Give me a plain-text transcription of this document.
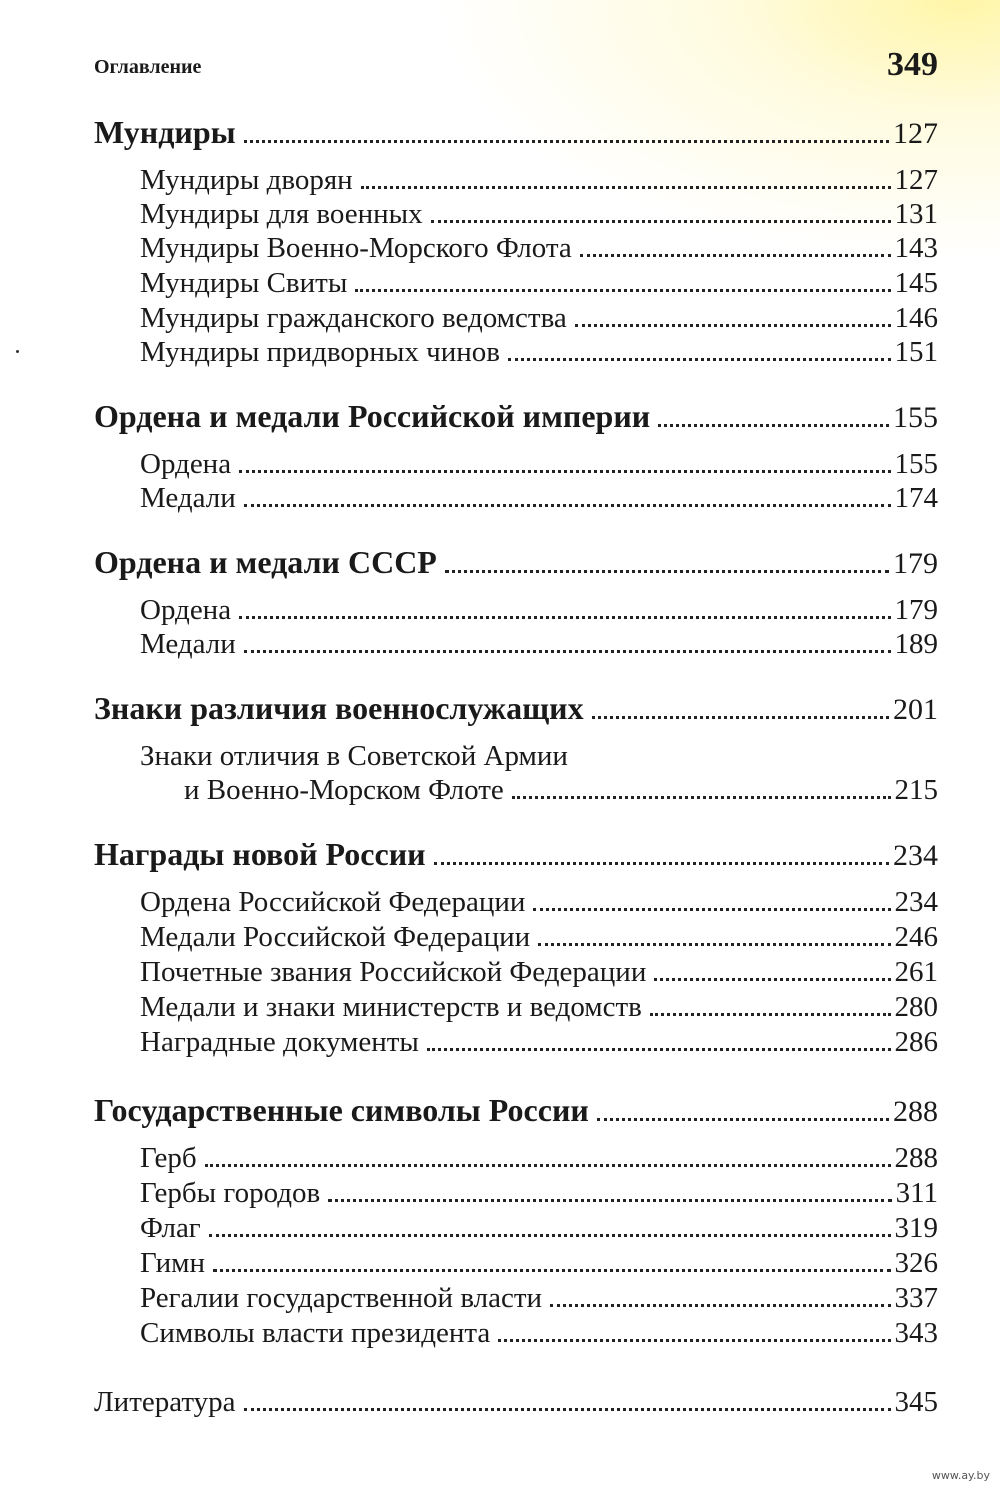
Оглавление	349
Мундиры	127
Мундиры дворян	127
Мундиры для военных	131
Мундиры Военно-Морского Флота	143
Мундиры Свиты	145
Мундиры гражданского ведомства	146
Мундиры придворных чинов	151
Ордена и медали Российской империи	155
Ордена	155
Медали	174
Ордена и медали СССР	179
Ордена	179
Медали	189
Знаки различия военнослужащих	201
Знаки отличия в Советской Армии
и Военно-Морском Флоте	215
Награды новой России	234
Ордена Российской Федерации	234
Медали Российской Федерации	246
Почетные звания Российской Федерации	261
Медали и знаки министерств и ведомств	280
Наградные документы	286
Государственные символы России	288
Герб	288
Гербы городов	311
Флаг	319
Гимн	326
Регалии государственной власти	337
Символы власти президента	343
Литература	345
www.ay.by
